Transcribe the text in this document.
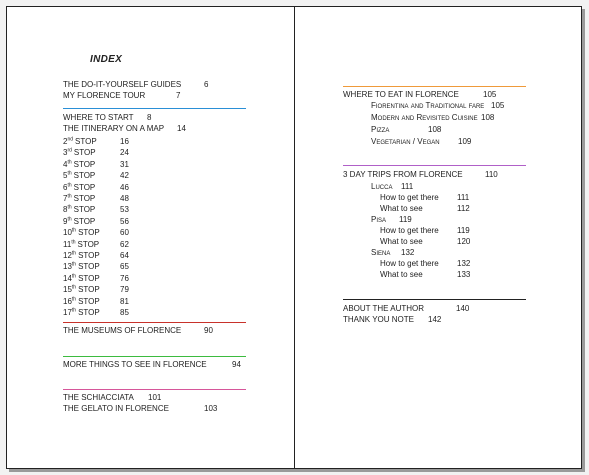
INDEX
THE DO-IT-YOURSELF GUIDES	6
MY FLORENCE TOUR	7
WHERE TO START 8
THE ITINERARY ON A MAP 14
2nd STOP	16
3rd STOP	24
4th STOP	31
5th STOP	42
6th STOP	46
7th STOP	48
8th STOP	53
9th STOP	56
10th STOP	60
11th STOP	62
12th STOP	64
13th STOP	65
14th STOP	76
15th STOP	79
16th STOP	81
17th STOP	85
THE MUSEUMS OF FLORENCE	90
MORE THINGS TO SEE IN FLORENCE	94
THE SCHIACCIATA 101
THE GELATO IN FLORENCE	103
WHERE TO EAT IN FLORENCE	105
Fiorentina and Traditional fare 105
Modern and Revisited Cuisine 108
Pizza	108
Vegetarian / Vegan 109
3 DAY TRIPS FROM FLORENCE	110
Lucca 111
How to get there 111
What to see	112
Pisa 119
How to get there 119
What to see	120
Siena 132
How to get there 132
What to see	133
ABOUT THE AUTHOR	140
THANK YOU NOTE 142
